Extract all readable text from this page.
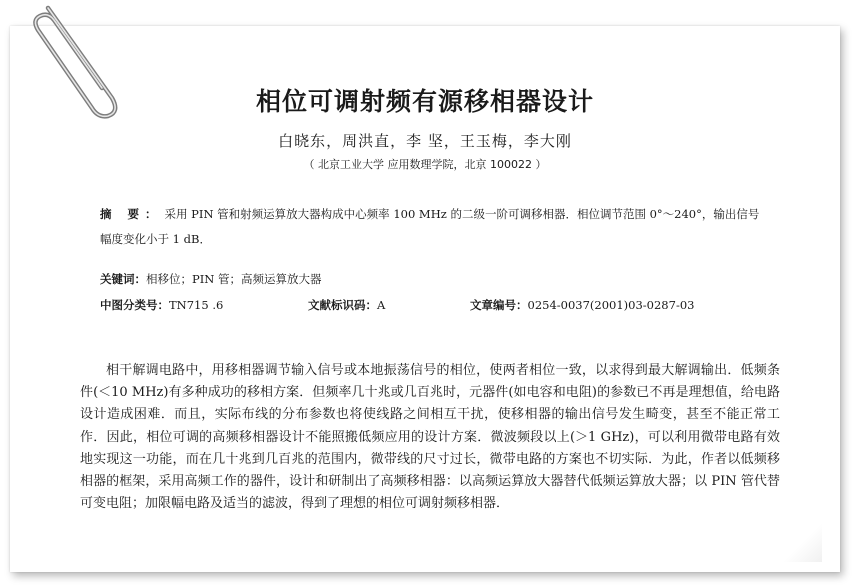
相位可调射频有源移相器设计

白晓东，周洪直，李 坚，王玉梅，李大刚

（ 北京工业大学 应用数理学院，北京 100022 ）

摘 要： 采用 PIN 管和射频运算放大器构成中心频率 100 MHz 的二级一阶可调移相器．相位调节范围 0°～240°，输出信号幅度变化小于 1 dB．

关键词：相移位；PIN 管；高频运算放大器

中图分类号：TN715 .6	文献标识码：A	文章编号：0254-0037(2001)03-0287-03

相干解调电路中，用移相器调节输入信号或本地振荡信号的相位，使两者相位一致，以求得到最大解调输出．低频条件(＜10 MHz)有多种成功的移相方案．但频率几十兆或几百兆时，元器件(如电容和电阻)的参数已不再是理想值，给电路设计造成困难．而且，实际布线的分布参数也将使线路之间相互干扰，使移相器的输出信号发生畸变，甚至不能正常工作．因此，相位可调的高频移相器设计不能照搬低频应用的设计方案．微波频段以上(＞1 GHz)，可以利用微带电路有效地实现这一功能，而在几十兆到几百兆的范围内，微带线的尺寸过长，微带电路的方案也不切实际．为此，作者以低频移相器的框架，采用高频工作的器件，设计和研制出了高频移相器：以高频运算放大器替代低频运算放大器；以 PIN 管代替可变电阻；加限幅电路及适当的滤波，得到了理想的相位可调射频移相器．
